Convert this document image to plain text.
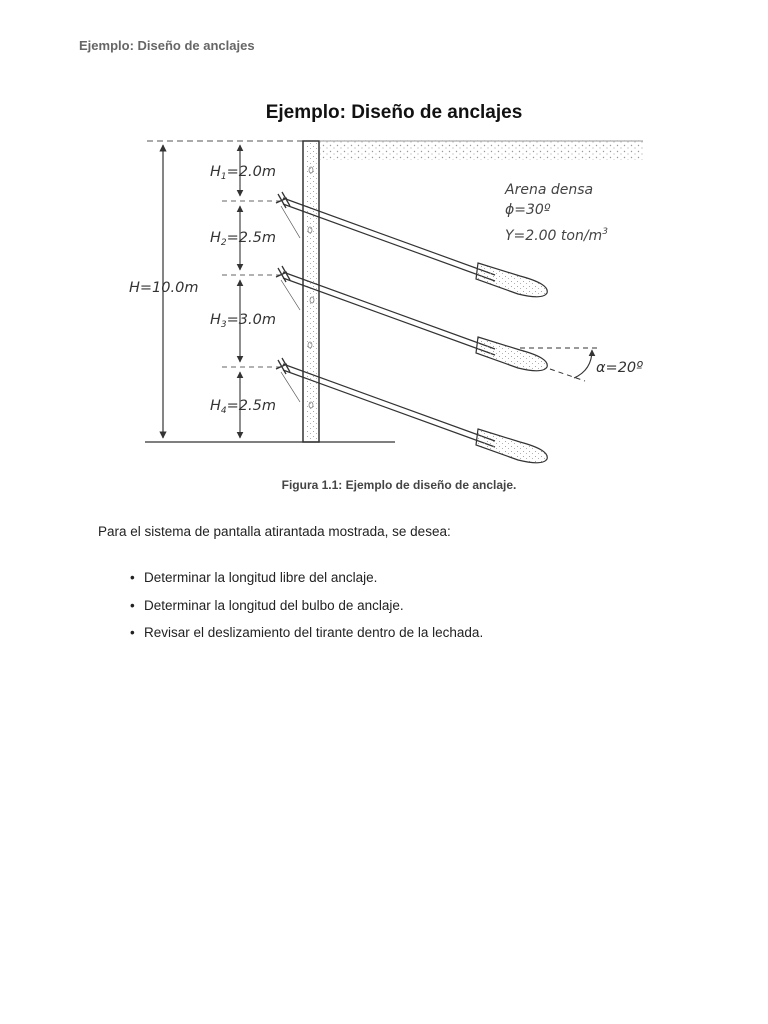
Ejemplo: Diseño de anclajes
Ejemplo: Diseño de anclajes
H=10.0m
$H_1=2.0m$
$H_2=2.5m$
$H_3=3.0m$
$H_4=2.5m$
Arena densa
ϕ=30º
Y=2.00 ton/$m^3$
α=20º
Figura 1.1: Ejemplo de diseño de anclaje.
Para el sistema de pantalla atirantada mostrada, se desea:
• Determinar la longitud libre del anclaje.
• Determinar la longitud del bulbo de anclaje.
• Revisar el deslizamiento del tirante dentro de la lechada.
